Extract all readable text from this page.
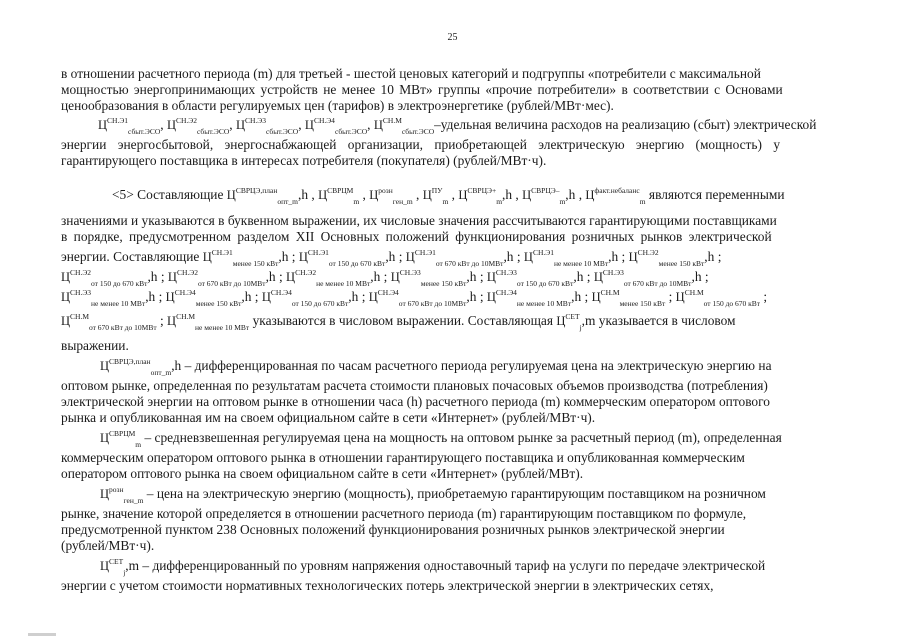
25
в отношении расчетного периода (m) для третьей - шестой ценовых категорий и подгруппы «потребители с максимальной
мощностью энергопринимающих устройств не менее 10 МВт» группы «прочие потребители» в соответствии с Основами
ценообразования в области регулируемых цен (тарифов) в электроэнергетике (рублей/МВт·мес).
$Ц^{СН.Э1}_{сбыт.ЭСО}$, $Ц^{СН.Э2}_{сбыт.ЭСО}$, $Ц^{СН.Э3}_{сбыт.ЭСО}$, $Ц^{СН.Э4}_{сбыт.ЭСО}$, $Ц^{СН.М}_{сбыт.ЭСО}$–удельная величина расходов на реализацию (сбыт) электрической
энергии энергосбытовой, энергоснабжающей организации, приобретающей электрическую энергию (мощность) у
гарантирующего поставщика в интересах потребителя (покупателя) (рублей/МВт·ч).
<5> Составляющие $Ц^{СВРЦЭ,план}_{опт\_m},h$ , $Ц^{СВРЦМ}_m$ , $Ц^{розн}_{ген\_m}$ , $Ц^{ПУ}_m$ , $Ц^{СВРЦЭ+}_m,h$ , $Ц^{СВРЦЭ-}_m,h$ , $Ц^{факт.небаланс}_m$ являются переменными
значениями и указываются в буквенном выражении, их числовые значения рассчитываются гарантирующими поставщиками
в порядке, предусмотренном разделом XII Основных положений функционирования розничных рынков электрической
энергии. Составляющие $Ц^{СН.Э1}_{менее 150 кВт},h$ ; $Ц^{СН.Э1}_{от 150 до 670 кВт},h$ ; $Ц^{СН.Э1}_{от 670 кВт до 10МВт},h$ ; $Ц^{СН.Э1}_{не менее 10 МВт},h$ ; $Ц^{СН.Э2}_{менее 150 кВт},h$ ;
$Ц^{СН.Э2}_{от 150 до 670 кВт},h$ ; $Ц^{СН.Э2}_{от 670 кВт до 10МВт},h$ ; $Ц^{СН.Э2}_{не менее 10 МВт},h$ ; $Ц^{СН.Э3}_{менее 150 кВт},h$ ; $Ц^{СН.Э3}_{от 150 до 670 кВт},h$ ; $Ц^{СН.Э3}_{от 670 кВт до 10МВт},h$ ;
$Ц^{СН.Э3}_{не менее 10 МВт},h$ ; $Ц^{СН.Э4}_{менее 150 кВт},h$ ; $Ц^{СН.Э4}_{от 150 до 670 кВт},h$ ; $Ц^{СН.Э4}_{от 670 кВт до 10МВт},h$ ; $Ц^{СН.Э4}_{не менее 10 МВт},h$ ; $Ц^{СН.М}_{менее 150 кВт}$ ; $Ц^{СН.М}_{от 150 до 670 кВт}$ ;
$Ц^{СН.М}_{от 670 кВт до 10МВт}$ ; $Ц^{СН.М}_{не менее 10 МВт}$ указываются в числовом выражении. Составляющая $Ц^{СЕТ}_j,m$ указывается в числовом
выражении.
$Ц^{СВРЦЭ,план}_{опт\_m},h$ – дифференцированная по часам расчетного периода регулируемая цена на электрическую энергию на
оптовом рынке, определенная по результатам расчета стоимости плановых почасовых объемов производства (потребления)
электрической энергии на оптовом рынке в отношении часа (h) расчетного периода (m) коммерческим оператором оптового
рынка и опубликованная им на своем официальном сайте в сети «Интернет» (рублей/МВт·ч).
$Ц^{СВРЦМ}_m$ – средневзвешенная регулируемая цена на мощность на оптовом рынке за расчетный период (m), определенная
коммерческим оператором оптового рынка в отношении гарантирующего поставщика и опубликованная коммерческим
оператором оптового рынка на своем официальном сайте в сети «Интернет» (рублей/МВт).
$Ц^{розн}_{ген\_m}$ – цена на электрическую энергию (мощность), приобретаемую гарантирующим поставщиком на розничном
рынке, значение которой определяется в отношении расчетного периода (m) гарантирующим поставщиком по формуле,
предусмотренной пунктом 238 Основных положений функционирования розничных рынков электрической энергии
(рублей/МВт·ч).
$Ц^{СЕТ}_j,m$ – дифференцированный по уровням напряжения одноставочный тариф на услуги по передаче электрической
энергии с учетом стоимости нормативных технологических потерь электрической энергии в электрических сетях,
